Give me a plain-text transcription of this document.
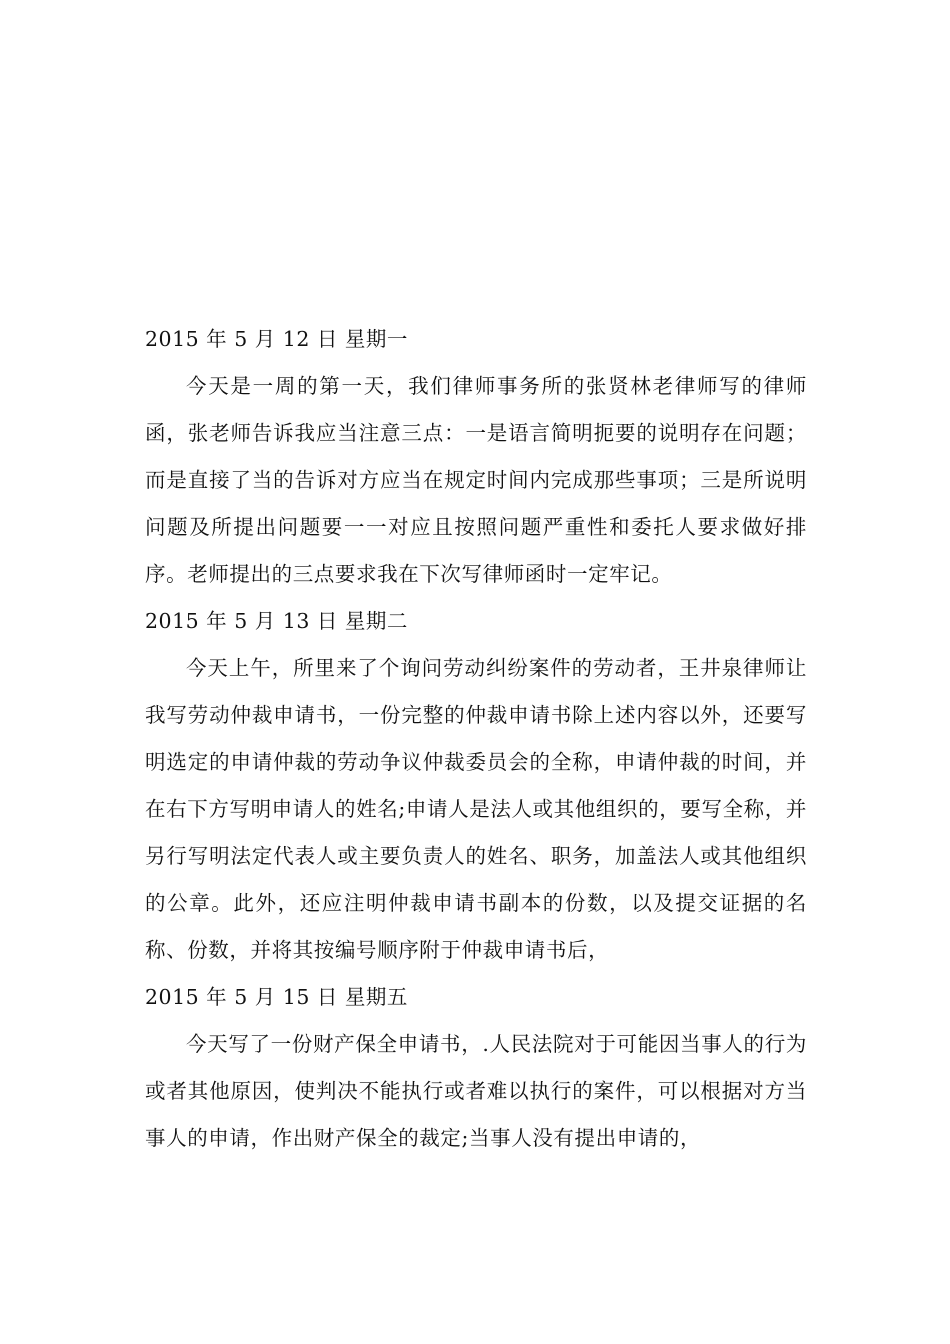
2015 年 5 月 12 日 星期一

今天是一周的第一天，我们律师事务所的张贤林老律师写的律师函，张老师告诉我应当注意三点：一是语言简明扼要的说明存在问题；而是直接了当的告诉对方应当在规定时间内完成那些事项；三是所说明问题及所提出问题要一一对应且按照问题严重性和委托人要求做好排序。老师提出的三点要求我在下次写律师函时一定牢记。

2015 年 5 月 13 日 星期二

今天上午，所里来了个询问劳动纠纷案件的劳动者，王井泉律师让我写劳动仲裁申请书，一份完整的仲裁申请书除上述内容以外，还要写明选定的申请仲裁的劳动争议仲裁委员会的全称，申请仲裁的时间，并在右下方写明申请人的姓名;申请人是法人或其他组织的，要写全称，并另行写明法定代表人或主要负责人的姓名、职务，加盖法人或其他组织的公章。此外，还应注明仲裁申请书副本的份数，以及提交证据的名称、份数，并将其按编号顺序附于仲裁申请书后，

2015 年 5 月 15 日 星期五

今天写了一份财产保全申请书，.人民法院对于可能因当事人的行为或者其他原因，使判决不能执行或者难以执行的案件，可以根据对方当事人的申请，作出财产保全的裁定;当事人没有提出申请的，
